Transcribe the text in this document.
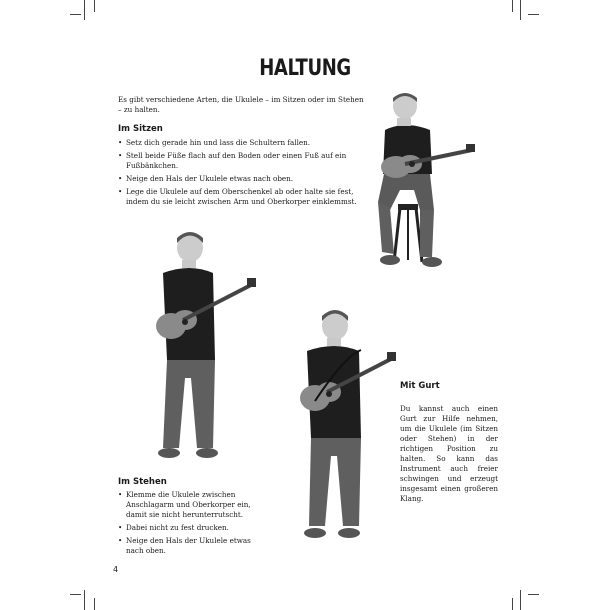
HALTUNG
Es gibt verschiedene Arten, die Ukulele – im Sitzen oder im Stehen – zu halten.
Im Sitzen
• Setz dich gerade hin und lass die Schultern fallen.
• Stell beide Füße flach auf den Boden oder einen Fuß auf ein Fußbänkchen.
• Neige den Hals der Ukulele etwas nach oben.
• Lege die Ukulele auf dem Oberschenkel ab oder halte sie fest, indem du sie leicht zwischen Arm und Oberkorper einklemmst.
Im Stehen
• Klemme die Ukulele zwischen Anschlagarm und Oberkorper ein, damit sie nicht herunterrutscht.
• Dabei nicht zu fest drucken.
• Neige den Hals der Ukulele etwas nach oben.
Mit Gurt
Du kannst auch einen Gurt zur Hilfe nehmen, um die Ukulele (im Sitzen oder Stehen) in der richtigen Position zu halten. So kann das Instrument auch freier schwingen und erzeugt insgesamt einen großeren Klang.
4
